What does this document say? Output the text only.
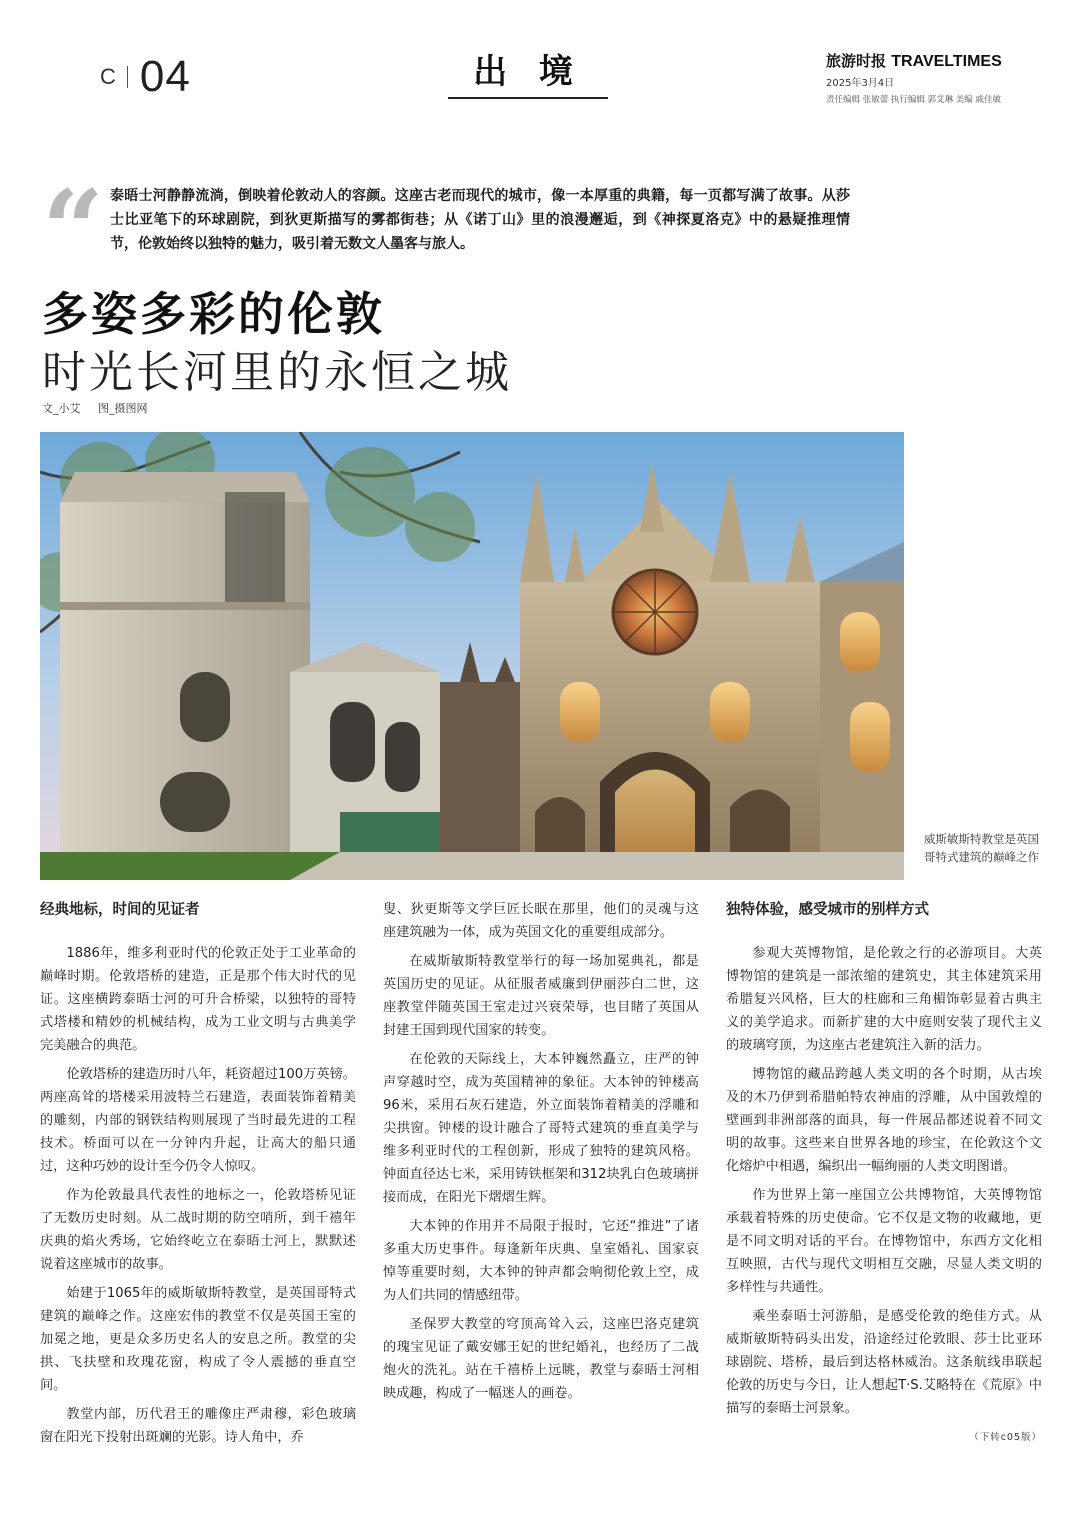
C 04	出 境	旅游时报 TRAVELTIMES
2025年3月4日
责任编辑 张敏蕾 执行编辑 郭艾琳 美编 戚佳敏
“ 泰晤士河静静流淌，倒映着伦敦动人的容颜。这座古老而现代的城市，像一本厚重的典籍，每一页都写满了故事。从莎士比亚笔下的环球剧院，到狄更斯描写的雾都街巷；从《诺丁山》里的浪漫邂逅，到《神探夏洛克》中的悬疑推理情节，伦敦始终以独特的魅力，吸引着无数文人墨客与旅人。
多姿多彩的伦敦
时光长河里的永恒之城
文_小艾 图_摄图网
威斯敏斯特教堂是英国哥特式建筑的巅峰之作
经典地标，时间的见证者

1886年，维多利亚时代的伦敦正处于工业革命的巅峰时期。伦敦塔桥的建造，正是那个伟大时代的见证。这座横跨泰晤士河的可升合桥梁，以独特的哥特式塔楼和精妙的机械结构，成为工业文明与古典美学完美融合的典范。

伦敦塔桥的建造历时八年，耗资超过100万英镑。两座高耸的塔楼采用波特兰石建造，表面装饰着精美的雕刻，内部的钢铁结构则展现了当时最先进的工程技术。桥面可以在一分钟内升起，让高大的船只通过，这种巧妙的设计至今仍令人惊叹。

作为伦敦最具代表性的地标之一，伦敦塔桥见证了无数历史时刻。从二战时期的防空哨所，到千禧年庆典的焰火秀场，它始终屹立在泰晤士河上，默默述说着这座城市的故事。

始建于1065年的威斯敏斯特教堂，是英国哥特式建筑的巅峰之作。这座宏伟的教堂不仅是英国王室的加冕之地，更是众多历史名人的安息之所。教堂的尖拱、飞扶壁和玫瑰花窗，构成了令人震撼的垂直空间。

教堂内部，历代君王的雕像庄严肃穆，彩色玻璃窗在阳光下投射出斑斓的光影。诗人角中，乔

叟、狄更斯等文学巨匠长眠在那里，他们的灵魂与这座建筑融为一体，成为英国文化的重要组成部分。

在威斯敏斯特教堂举行的每一场加冕典礼，都是英国历史的见证。从征服者威廉到伊丽莎白二世，这座教堂伴随英国王室走过兴衰荣辱，也目睹了英国从封建王国到现代国家的转变。

在伦敦的天际线上，大本钟巍然矗立，庄严的钟声穿越时空，成为英国精神的象征。大本钟的钟楼高96米，采用石灰石建造，外立面装饰着精美的浮雕和尖拱窗。钟楼的设计融合了哥特式建筑的垂直美学与维多利亚时代的工程创新，形成了独特的建筑风格。钟面直径达七米，采用铸铁框架和312块乳白色玻璃拼接而成，在阳光下熠熠生辉。

大本钟的作用并不局限于报时，它还“推进”了诸多重大历史事件。每逢新年庆典、皇室婚礼、国家哀悼等重要时刻，大本钟的钟声都会响彻伦敦上空，成为人们共同的情感纽带。

圣保罗大教堂的穹顶高耸入云，这座巴洛克建筑的瑰宝见证了戴安娜王妃的世纪婚礼，也经历了二战炮火的洗礼。站在千禧桥上远眺，教堂与泰晤士河相映成趣，构成了一幅迷人的画卷。

独特体验，感受城市的别样方式

参观大英博物馆，是伦敦之行的必游项目。大英博物馆的建筑是一部浓缩的建筑史，其主体建筑采用希腊复兴风格，巨大的柱廊和三角楣饰彰显着古典主义的美学追求。而新扩建的大中庭则安装了现代主义的玻璃穹顶，为这座古老建筑注入新的活力。

博物馆的藏品跨越人类文明的各个时期，从古埃及的木乃伊到希腊帕特农神庙的浮雕，从中国敦煌的壁画到非洲部落的面具，每一件展品都述说着不同文明的故事。这些来自世界各地的珍宝，在伦敦这个文化熔炉中相遇，编织出一幅绚丽的人类文明图谱。

作为世界上第一座国立公共博物馆，大英博物馆承载着特殊的历史使命。它不仅是文物的收藏地，更是不同文明对话的平台。在博物馆中，东西方文化相互映照，古代与现代文明相互交融，尽显人类文明的多样性与共通性。

乘坐泰晤士河游船，是感受伦敦的绝佳方式。从威斯敏斯特码头出发，沿途经过伦敦眼、莎士比亚环球剧院、塔桥，最后到达格林威治。这条航线串联起伦敦的历史与今日，让人想起T·S.艾略特在《荒原》中描写的泰晤士河景象。

（下转c05版）
